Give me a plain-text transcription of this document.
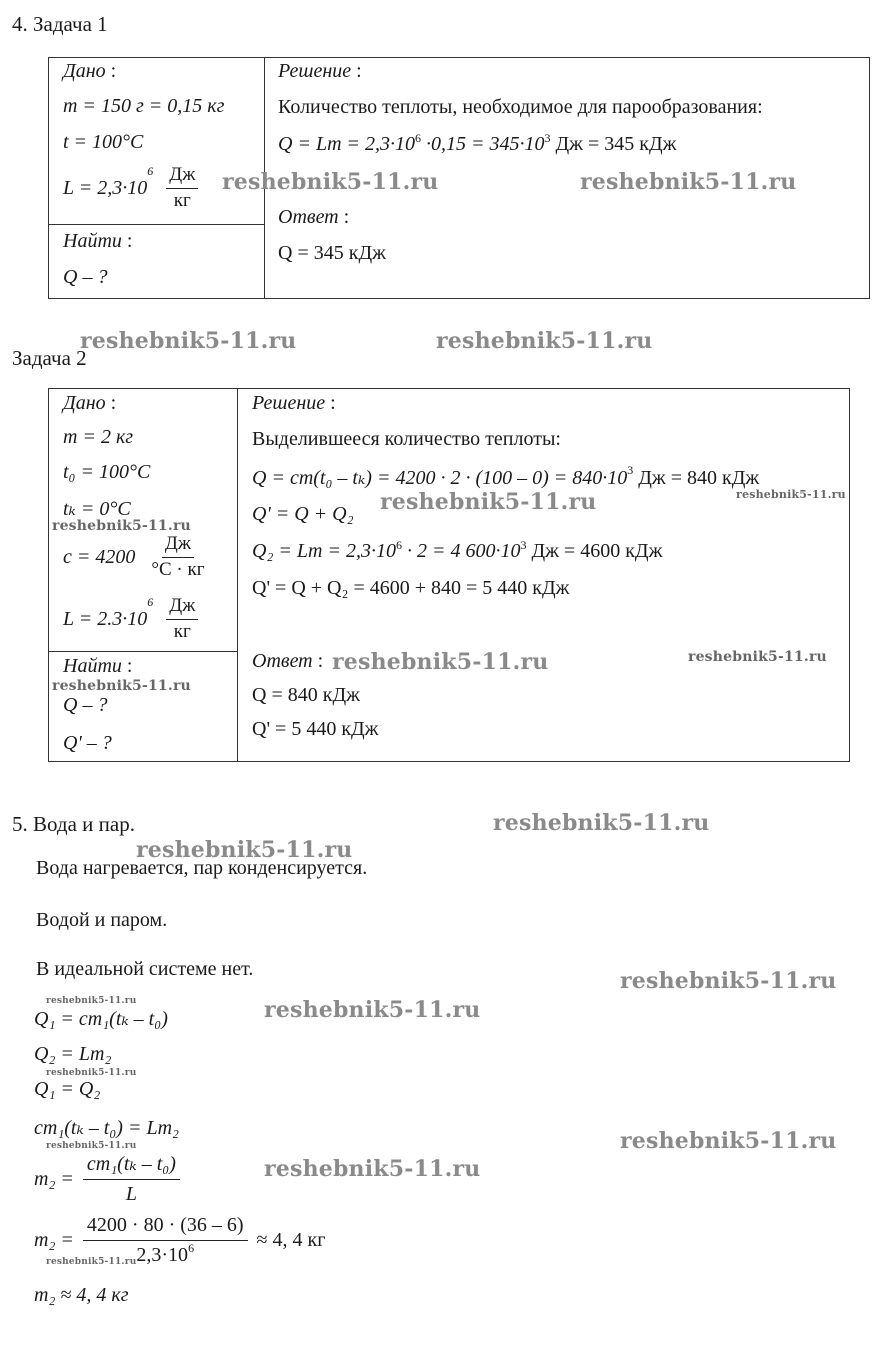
4. Задача 1
Дано :
m = 150 г = 0,15 кг
t = 100°C
$L = 2,3\cdot 10^6 \frac{Дж}{кг}$
Найти :
Q – ?
Решение :
Количество теплоты, необходимое для парообразования:
$Q = Lm = 2,3\cdot 10^6 \cdot 0,15 = 345\cdot 10^3$ Дж = 345 кДж
Ответ :
Q = 345 кДж
Задача 2
Дано :
m = 2 кг
t₀ = 100°C
tₖ = 0°C
$c = 4200 \frac{Дж}{^\circ C \cdot кг}$
$L = 2.3\cdot 10^6 \frac{Дж}{кг}$
Найти :
Q – ?
Q' – ?
Решение :
Выделившееся количество теплоты:
$Q = cm(t_0 - t_k) = 4200 \cdot 2 \cdot (100 - 0) = 840\cdot 10^3$ Дж = 840 кДж
Q' = Q + Q₂
$Q_2 = Lm = 2,3\cdot 10^6 \cdot 2 = 4$ $600\cdot 10^3$ Дж = 4600 кДж
Q' = Q + Q₂ = 4600 + 840 = 5 440 кДж
Ответ :
Q = 840 кДж
Q' = 5 440 кДж
5. Вода и пар.
Вода нагревается, пар конденсируется.
Водой и паром.
В идеальной системе нет.
Q₁ = cm₁(tₖ – t₀)
Q₂ = Lm₂
Q₁ = Q₂
cm₁(tₖ – t₀) = Lm₂
$m_2 = \frac{\text{cm₁(tₖ – t₀)}}{L}$
$m_2 = \frac{4200 \cdot 80 \cdot (36 - 6)}{2,3\cdot 10^6} \approx 4$, 4 кг
m₂ ≈ 4, 4 кг
reshebnik5-11.ru	reshebnik5-11.ru
reshebnik5-11.ru	reshebnik5-11.ru
reshebnik5-11.ru	reshebnik5-11.ru
reshebnik5-11.ru
reshebnik5-11.ru	reshebnik5-11.ru
reshebnik5-11.ru
reshebnik5-11.ru
reshebnik5-11.ru
reshebnik5-11.ru
reshebnik5-11.ru	reshebnik5-11.ru
reshebnik5-11.ru
reshebnik5-11.ru
reshebnik5-11.ru
reshebnik5-11.ru
reshebnik5-11.ru
